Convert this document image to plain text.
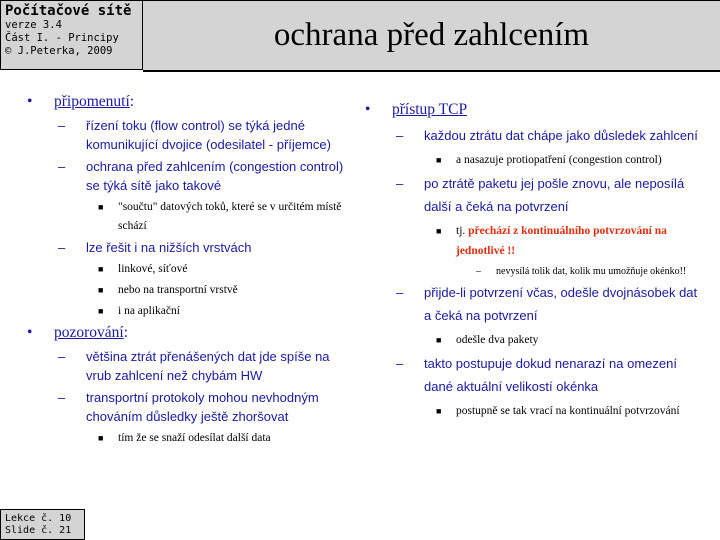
Počítačové sítě
verze 3.4
Část I. - Principy
© J.Peterka, 2009	ochrana před zahlcením
• připomenutí:
– řízení toku (flow control) se týká jedné komunikující dvojice (odesilatel - příjemce)
– ochrana před zahlcením (congestion control) se týká sítě jako takové
■ "součtu" datových toků, které se v určitém místě schází
– lze řešit i na nižších vrstvách
■ linkové, síťové
■ nebo na transportní vrstvě
■ i na aplikační
• pozorování:
– většina ztrát přenášených dat jde spíše na vrub zahlcení než chybám HW
– transportní protokoly mohou nevhodným chováním důsledky ještě zhoršovat
■ tím že se snaží odesílat další data
• přístup TCP
– každou ztrátu dat chápe jako důsledek zahlcení
■ a nasazuje protiopatření (congestion control)
– po ztrátě paketu jej pošle znovu, ale neposílá další a čeká na potvrzení
■ tj. přechází z kontinuálního potvrzování na jednotlivé !!
– nevysílá tolik dat, kolik mu umožňuje okénko!!
– přijde-li potvrzení včas, odešle dvojnásobek dat a čeká na potvrzení
■ odešle dva pakety
– takto postupuje dokud nenarazí na omezení dané aktuální velikostí okénka
■ postupně se tak vrací na kontinuální potvrzování
Lekce č. 10
Slide č. 21
